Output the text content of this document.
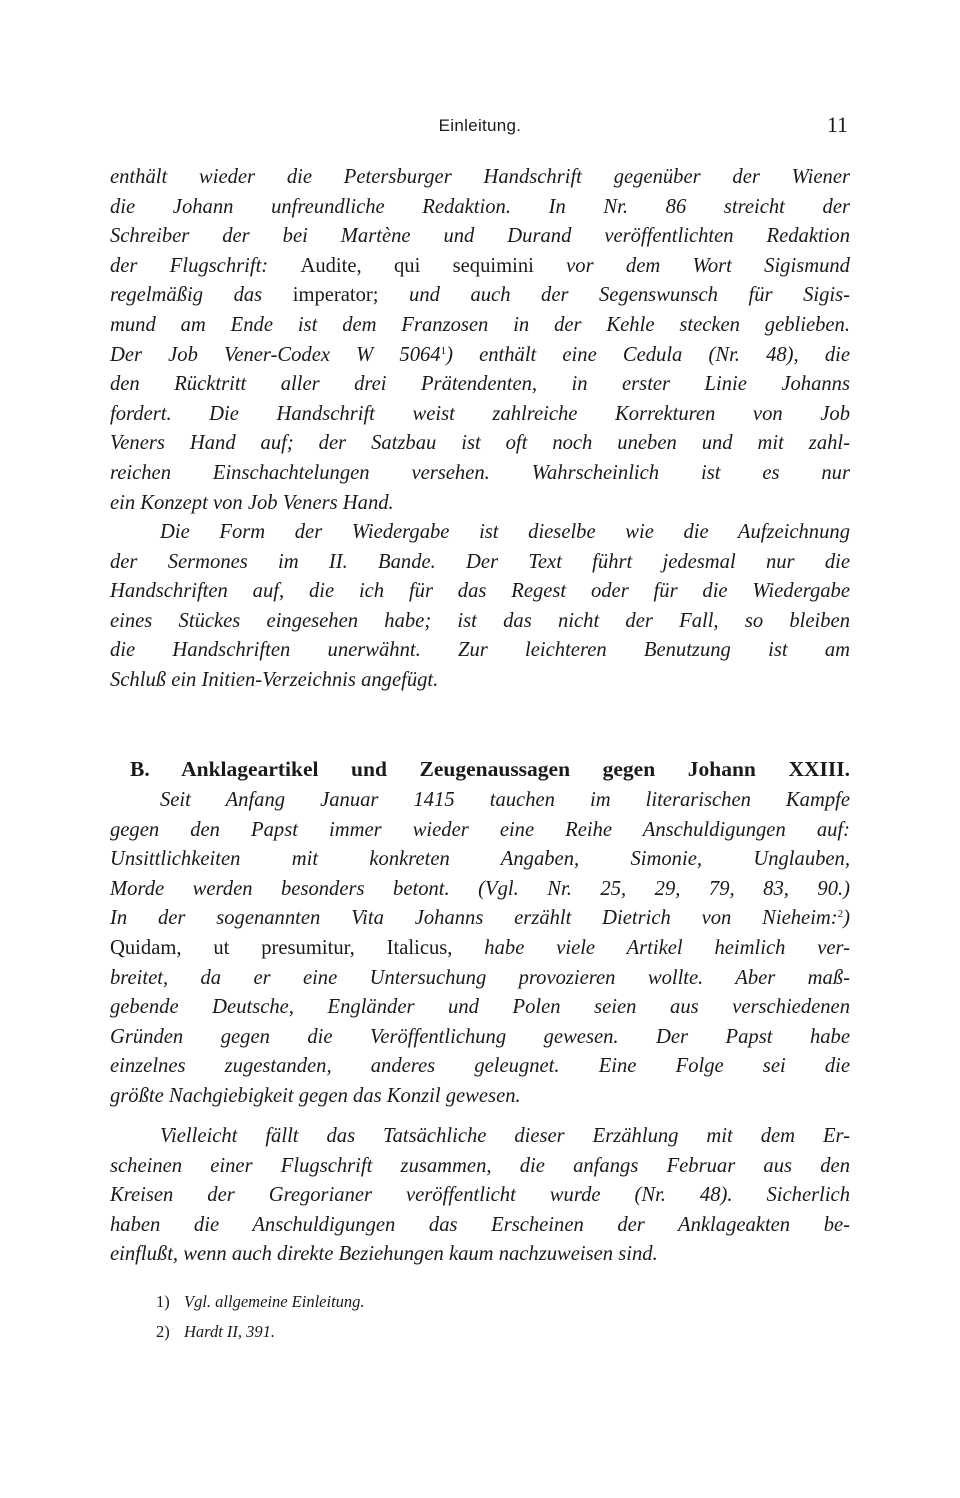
Einleitung.	11
enthält wieder die Petersburger Handschrift gegenüber der Wiener
die Johann unfreundliche Redaktion. In Nr. 86 streicht der
Schreiber der bei Martène und Durand veröffentlichten Redaktion
der Flugschrift: Audite, qui sequimini vor dem Wort Sigismund
regelmäßig das imperator; und auch der Segenswunsch für Sigis-
mund am Ende ist dem Franzosen in der Kehle stecken geblieben.
Der Job Vener-Codex W 5064$^1$) enthält eine Cedula (Nr. 48), die
den Rücktritt aller drei Prätendenten, in erster Linie Johanns
fordert. Die Handschrift weist zahlreiche Korrekturen von Job
Veners Hand auf; der Satzbau ist oft noch uneben und mit zahl-
reichen Einschachtelungen versehen. Wahrscheinlich ist es nur
ein Konzept von Job Veners Hand.
Die Form der Wiedergabe ist dieselbe wie die Aufzeichnung
der Sermones im II. Bande. Der Text führt jedesmal nur die
Handschriften auf, die ich für das Regest oder für die Wiedergabe
eines Stückes eingesehen habe; ist das nicht der Fall, so bleiben
die Handschriften unerwähnt. Zur leichteren Benutzung ist am
Schluß ein Initien-Verzeichnis angefügt.
B. Anklageartikel und Zeugenaussagen gegen Johann XXIII.
Seit Anfang Januar 1415 tauchen im literarischen Kampfe
gegen den Papst immer wieder eine Reihe Anschuldigungen auf:
Unsittlichkeiten mit konkreten Angaben, Simonie, Unglauben,
Morde werden besonders betont. (Vgl. Nr. 25, 29, 79, 83, 90.)
In der sogenannten Vita Johanns erzählt Dietrich von Nieheim:$^2$)
Quidam, ut presumitur, Italicus, habe viele Artikel heimlich ver-
breitet, da er eine Untersuchung provozieren wollte. Aber maß-
gebende Deutsche, Engländer und Polen seien aus verschiedenen
Gründen gegen die Veröffentlichung gewesen. Der Papst habe
einzelnes zugestanden, anderes geleugnet. Eine Folge sei die
größte Nachgiebigkeit gegen das Konzil gewesen.
Vielleicht fällt das Tatsächliche dieser Erzählung mit dem Er-
scheinen einer Flugschrift zusammen, die anfangs Februar aus den
Kreisen der Gregorianer veröffentlicht wurde (Nr. 48). Sicherlich
haben die Anschuldigungen das Erscheinen der Anklageakten be-
einflußt, wenn auch direkte Beziehungen kaum nachzuweisen sind.
1) Vgl. allgemeine Einleitung.
2) Hardt II, 391.
